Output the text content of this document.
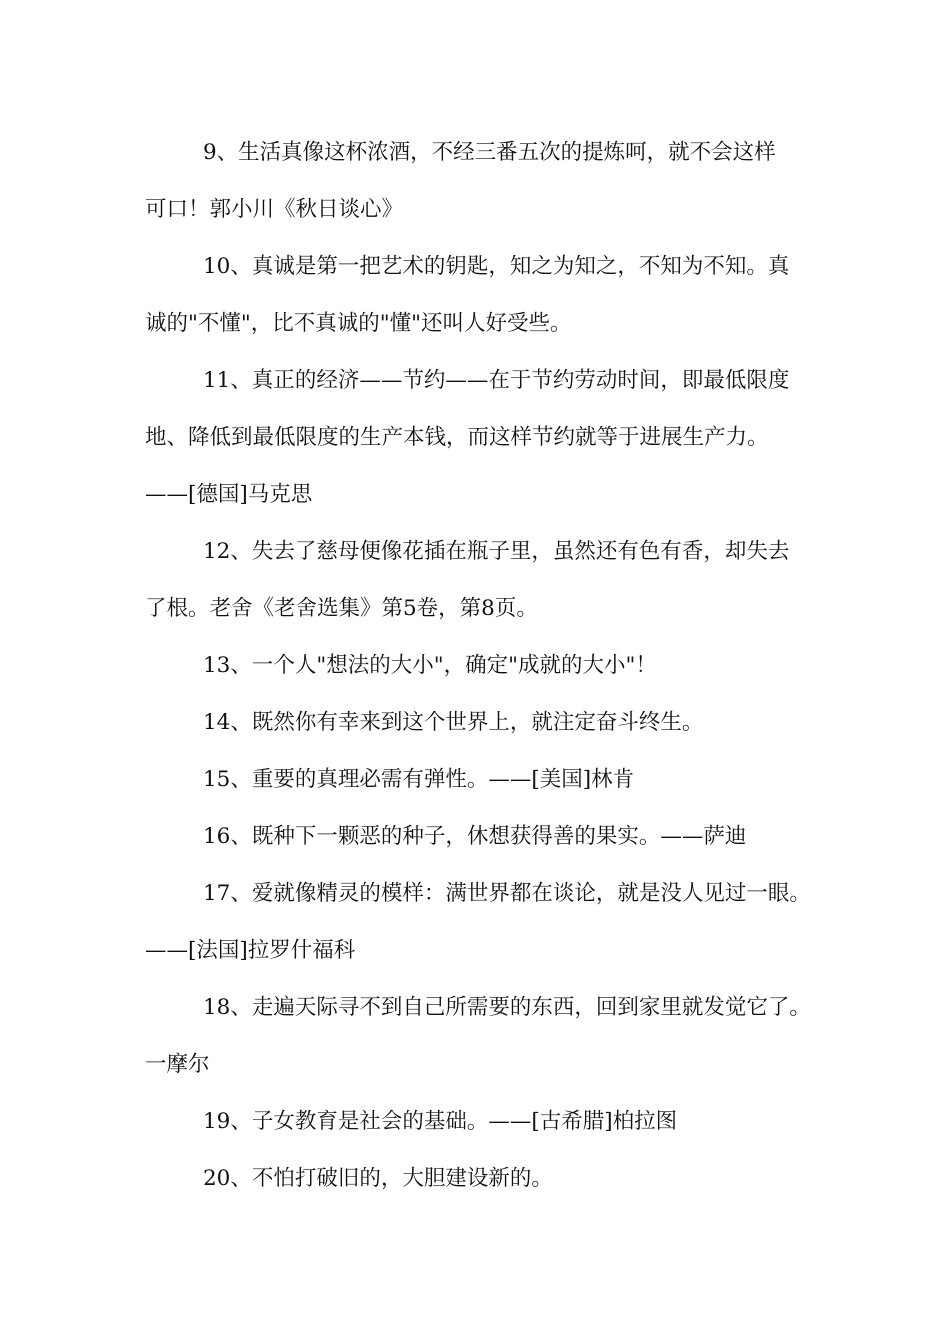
9、生活真像这杯浓酒，不经三番五次的提炼呵，就不会这样
可口！郭小川《秋日谈心》
10、真诚是第一把艺术的钥匙，知之为知之，不知为不知。真
诚的"不懂"，比不真诚的"懂"还叫人好受些。
11、真正的经济——节约——在于节约劳动时间，即最低限度
地、降低到最低限度的生产本钱，而这样节约就等于进展生产力。
——[德国]马克思
12、失去了慈母便像花插在瓶子里，虽然还有色有香，却失去
了根。老舍《老舍选集》第5卷，第8页。
13、一个人"想法的大小"，确定"成就的大小"！
14、既然你有幸来到这个世界上，就注定奋斗终生。
15、重要的真理必需有弹性。——[美国]林肯
16、既种下一颗恶的种子，休想获得善的果实。——萨迪
17、爱就像精灵的模样：满世界都在谈论，就是没人见过一眼。
——[法国]拉罗什福科
18、走遍天际寻不到自己所需要的东西，回到家里就发觉它了。
一摩尔
19、子女教育是社会的基础。——[古希腊]柏拉图
20、不怕打破旧的，大胆建设新的。
